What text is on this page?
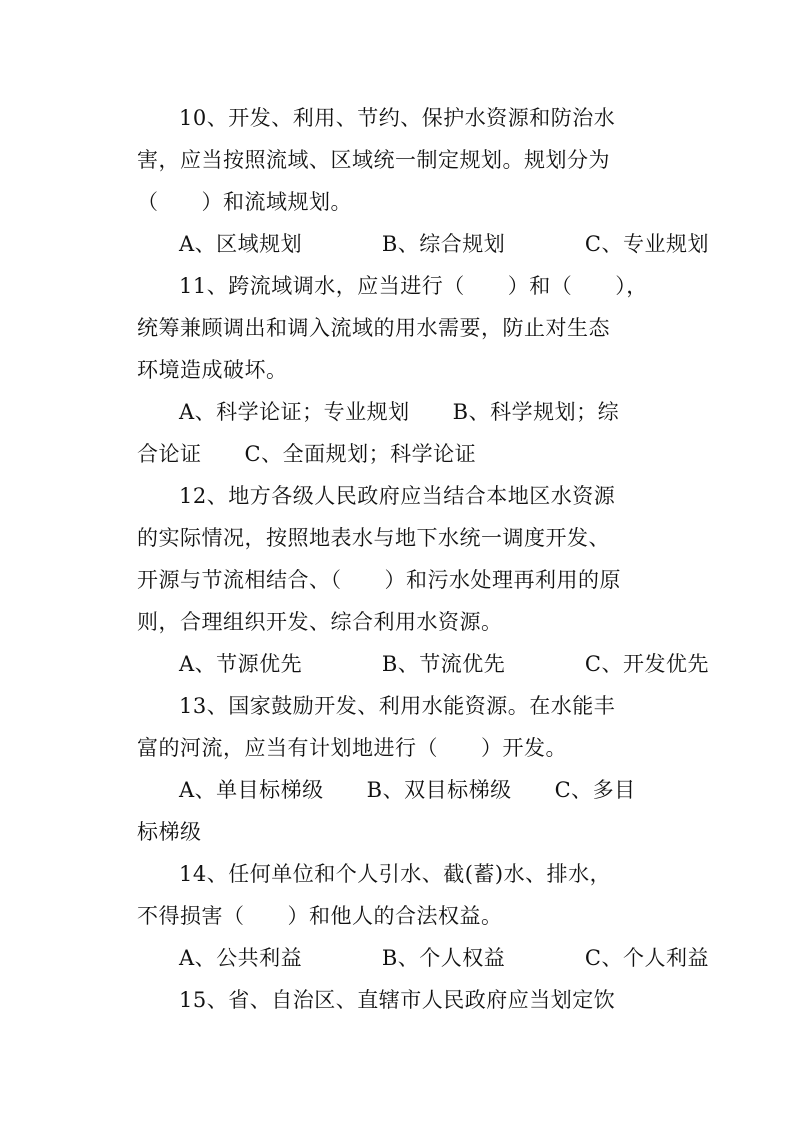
10、开发、利用、节约、保护水资源和防治水
害，应当按照流域、区域统一制定规划。规划分为
（　　）和流域规划。
A、区域规划	B、综合规划	C、专业规划
11、跨流域调水，应当进行（　　）和（　　），
统筹兼顾调出和调入流域的用水需要，防止对生态
环境造成破坏。
A、科学论证；专业规划　　B、科学规划；综
合论证　　C、全面规划；科学论证
12、地方各级人民政府应当结合本地区水资源
的实际情况，按照地表水与地下水统一调度开发、
开源与节流相结合、（　　）和污水处理再利用的原
则，合理组织开发、综合利用水资源。
A、节源优先	B、节流优先	C、开发优先
13、国家鼓励开发、利用水能资源。在水能丰
富的河流，应当有计划地进行（　　）开发。
A、单目标梯级　　B、双目标梯级　　C、多目
标梯级
14、任何单位和个人引水、截(蓄)水、排水，
不得损害（　　）和他人的合法权益。
A、公共利益	B、个人权益	C、个人利益
15、省、自治区、直辖市人民政府应当划定饮
